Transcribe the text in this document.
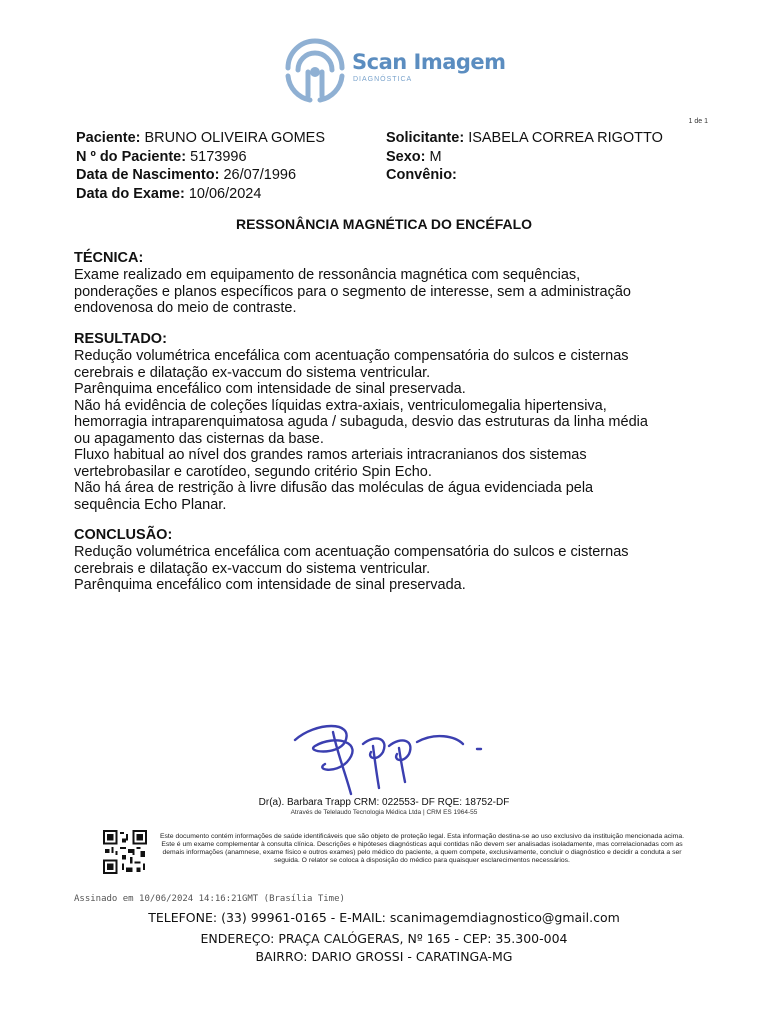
Scan Imagem
DIAGNÓSTICA
1 de 1
Paciente: BRUNO OLIVEIRA GOMES
N º do Paciente: 5173996
Data de Nascimento: 26/07/1996
Data do Exame: 10/06/2024
Solicitante: ISABELA CORREA RIGOTTO
Sexo: M
Convênio:
RESSONÂNCIA MAGNÉTICA DO ENCÉFALO
TÉCNICA:

Exame realizado em equipamento de ressonância magnética com sequências,

ponderações e planos específicos para o segmento de interesse, sem a administração

endovenosa do meio de contraste.

RESULTADO:

Redução volumétrica encefálica com acentuação compensatória do sulcos e cisternas

cerebrais e dilatação ex-vaccum do sistema ventricular.

Parênquima encefálico com intensidade de sinal preservada.

Não há evidência de coleções líquidas extra-axiais, ventriculomegalia hipertensiva,

hemorragia intraparenquimatosa aguda / subaguda, desvio das estruturas da linha média

ou apagamento das cisternas da base.

Fluxo habitual ao nível dos grandes ramos arteriais intracranianos dos sistemas

vertebrobasilar e carotídeo, segundo critério Spin Echo.

Não há área de restrição à livre difusão das moléculas de água evidenciada pela

sequência Echo Planar.

CONCLUSÃO:

Redução volumétrica encefálica com acentuação compensatória do sulcos e cisternas

cerebrais e dilatação ex-vaccum do sistema ventricular.

Parênquima encefálico com intensidade de sinal preservada.

Dr(a). Barbara Trapp CRM: 022553- DF RQE: 18752-DF
Através de Telelaudo Tecnologia Médica Ltda | CRM ES 1964-55
Este documento contém informações de saúde identificáveis que são objeto de proteção legal. Esta informação destina-se ao uso exclusivo da instituição mencionada acima. Este é um exame complementar à consulta clínica. Descrições e hipóteses diagnósticas aqui contidas não devem ser analisadas isoladamente, mas correlacionadas com as demais informações (anamnese, exame físico e outros exames) pelo médico do paciente, a quem compete, exclusivamente, concluir o diagnóstico e decidir a conduta a ser seguida. O relator se coloca à disposição do médico para quaisquer esclarecimentos necessários.
Assinado em 10/06/2024 14:16:21GMT (Brasília Time)
TELEFONE: (33) 99961-0165 - E-MAIL: scanimagemdiagnostico@gmail.com
ENDEREÇO: PRAÇA CALÓGERAS, Nº 165 - CEP: 35.300-004
BAIRRO: DARIO GROSSI - CARATINGA-MG
